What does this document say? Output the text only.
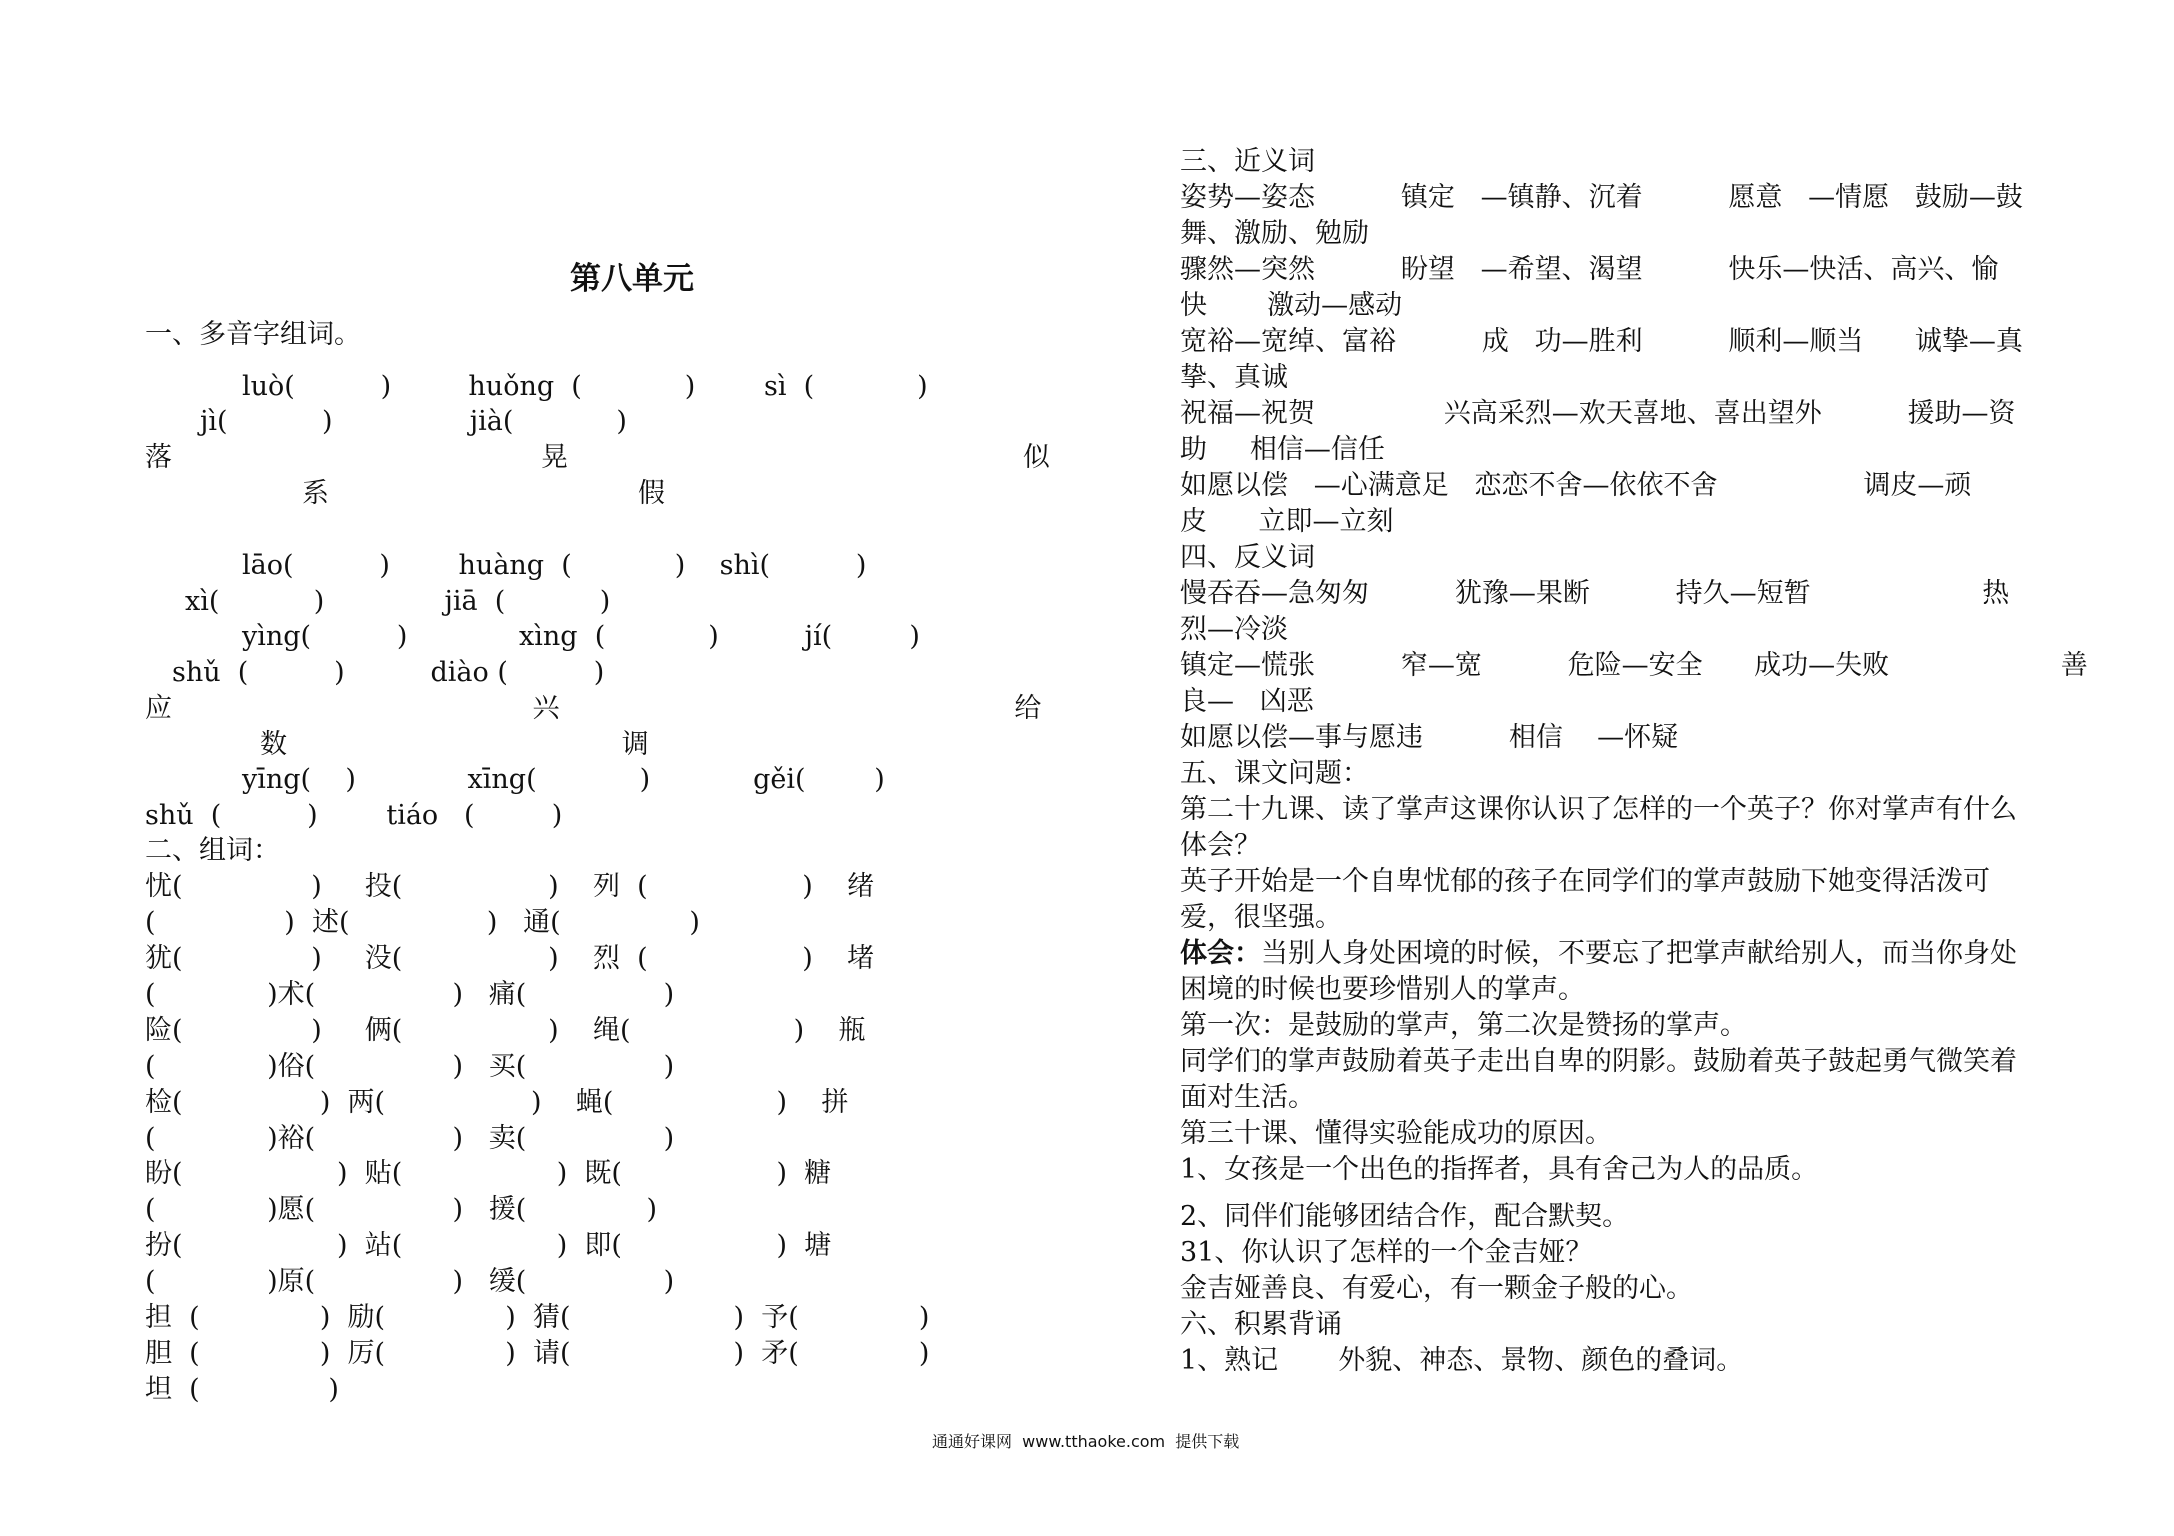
第八单元
一、多音字组词。
luò(          )         huǒng  (            )        sì  (            )
jì(           )                jià(            )
落                                           晃                                                     似
系                                    假
lāo(          )        huàng  (            )    shì(          )
xì(           )              jiā  (           )
yìng(          )             xìng  (            )          jí(         )
shǔ  (          )          diào (          )
应                                          兴                                                     给
数                                       调
yīng(    )             xīng(            )            gěi(        )
shǔ  (          )        tiáo   (         )
二、组词：
忧(               )     投(                 )    列  (                  )    绪
(               )  述(                )   通(               )
犹(               )     没(                 )    烈  (                  )    堵
(             )术(                )   痛(                )
险(               )     俩(                 )    绳(                   )    瓶
(             )俗(                )   买(                )
检(                )  两(                 )    蝇(                   )    拼
(             )裕(                )   卖(                )
盼(                  )  贴(                  )  既(                  )  糖
(             )愿(                )   援(              )
扮(                  )  站(                  )  即(                  )  塘
(             )原(                )   缓(                )
担  (              )  励(              )  猜(                   )  予(              )
胆  (              )  厉(              )  请(                   )  矛(              )
坦  (               )
三、近义词
姿势—姿态          镇定   —镇静、沉着          愿意   —情愿   鼓励—鼓
舞、激励、勉励
骤然—突然          盼望   —希望、渴望          快乐—快活、高兴、愉
快       激动—感动
宽裕—宽绰、富裕          成   功—胜利          顺利—顺当      诚挚—真
挚、真诚
祝福—祝贺               兴高采烈—欢天喜地、喜出望外          援助—资
助     相信—信任
如愿以偿   —心满意足   恋恋不舍—依依不舍                 调皮—顽
皮      立即—立刻
四、反义词
慢吞吞—急匆匆          犹豫—果断          持久—短暂                    热
烈—冷淡
镇定—慌张          窄—宽          危险—安全      成功—失败                    善
良—   凶恶
如愿以偿—事与愿违          相信    —怀疑
五、课文问题：
第二十九课、读了掌声这课你认识了怎样的一个英子？你对掌声有什么
体会？
英子开始是一个自卑忧郁的孩子在同学们的掌声鼓励下她变得活泼可
爱，很坚强。
体会：当别人身处困境的时候，不要忘了把掌声献给别人，而当你身处
困境的时候也要珍惜别人的掌声。
第一次：是鼓励的掌声，第二次是赞扬的掌声。
同学们的掌声鼓励着英子走出自卑的阴影。鼓励着英子鼓起勇气微笑着
面对生活。
第三十课、懂得实验能成功的原因。
1、女孩是一个出色的指挥者，具有舍己为人的品质。
2、同伴们能够团结合作，配合默契。
31、你认识了怎样的一个金吉娅？
金吉娅善良、有爱心，有一颗金子般的心。
六、积累背诵
1、熟记       外貌、神态、景物、颜色的叠词。
通通好课网  www.tthaoke.com  提供下载
